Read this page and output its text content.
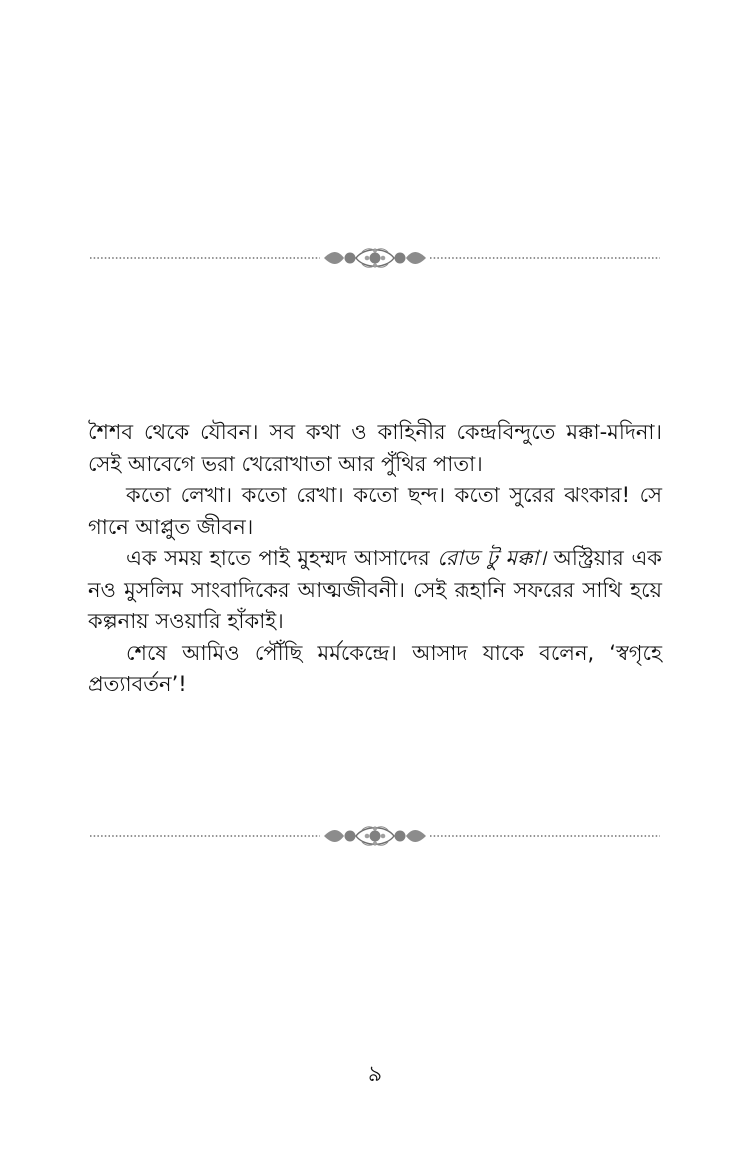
শৈশব থেকে যৌবন। সব কথা ও কাহিনীর কেন্দ্রবিন্দুতে মক্কা-মদিনা। সেই আবেগে ভরা খেরোখাতা আর পুঁথির পাতা।

কতো লেখা। কতো রেখা। কতো ছন্দ। কতো সুরের ঝংকার! সে গানে আপ্লুত জীবন।

এক সময় হাতে পাই মুহম্মদ আসাদের রোড টু মক্কা। অস্ট্রিয়ার এক নও মুসলিম সাংবাদিকের আত্মজীবনী। সেই রূহানি সফরের সাথি হয়ে কল্পনায় সওয়ারি হাঁকাই।

শেষে আমিও পৌঁছি মর্মকেন্দ্রে। আসাদ যাকে বলেন, ‘স্বগৃহে প্রত্যাবর্তন’!

৯
